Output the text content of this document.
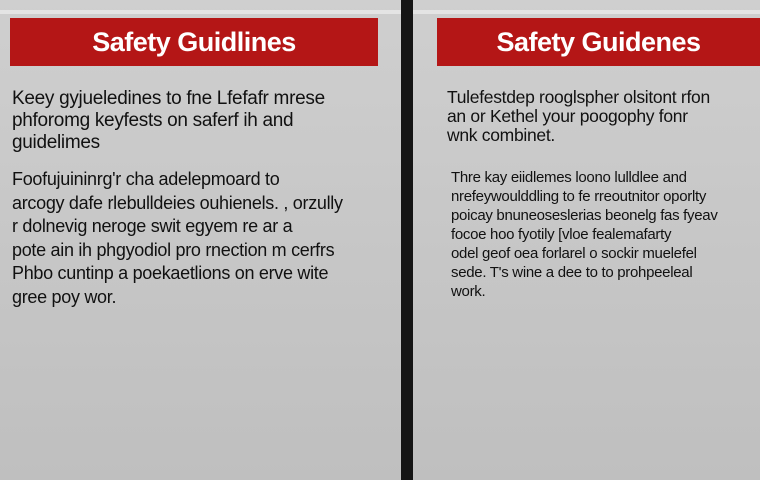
Safety Guidlines
Keey gyjueledines to fne Lfefafr mrese
phforomg keyfests on saferf ih and
guidelimes
Foofujuininrg'r cha adelepmoard to
arcogy dafe rlebulldeies ouhienels. , orzully
r dolnevig neroge swit egyem re ar a
pote ain ih phgyodiol pro rnection m cerfrs
Phbo cuntinp a poekaetlions on erve wite
gree poy wor.
Safety Guidenes
Tulefestdep rooglspher olsitont rfon
an or Kethel your poogophy fonr
wnk combinet.
Thre kay eiidlemes loono lulldlee and
nrefeywoulddling to fe rreoutnitor oporlty
poicay bnuneoseslerias beonelg fas fyeav
focoe hoo fyotily [vloe fealemafarty
odel geof oea forlarel o sockir muelefel
sede. T's wine a dee to to prohpeeleal
work.
